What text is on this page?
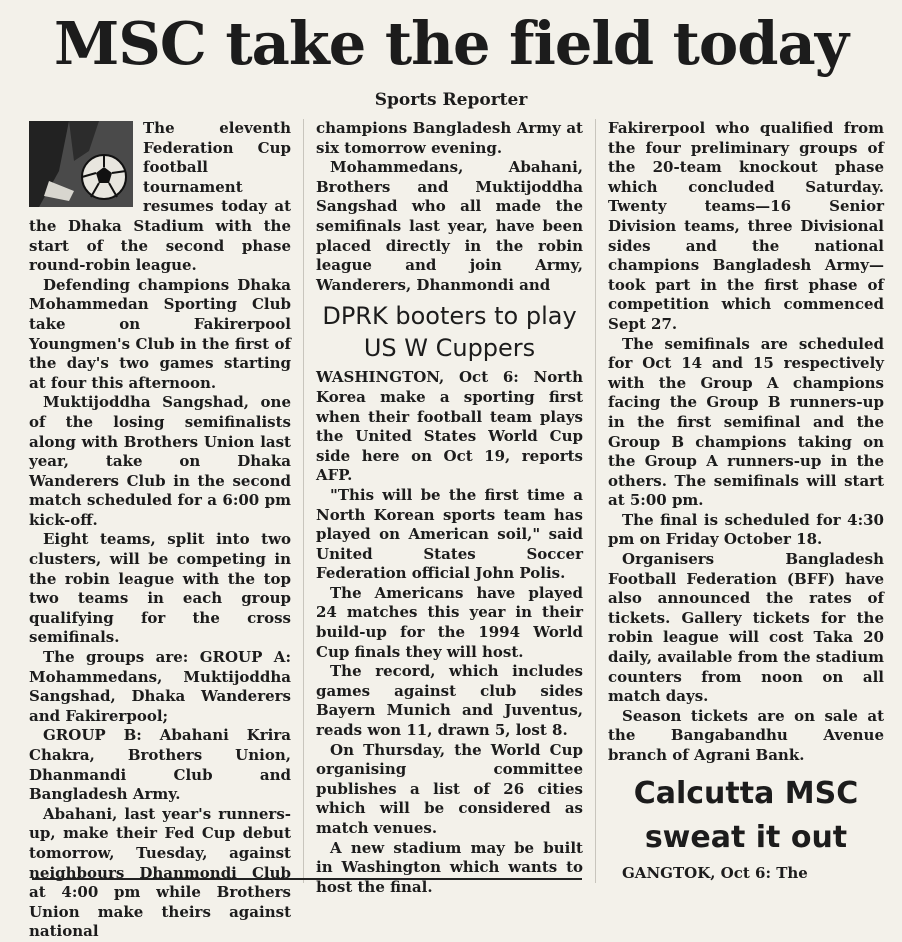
MSC take the field today
Sports Reporter

The eleventh Federation Cup football tournament resumes today at the Dhaka Stadium with the start of the second phase round-robin league.

Defending champions Dhaka Mohammedan Sporting Club take on Fakirerpool Youngmen's Club in the first of the day's two games starting at four this afternoon.

Muktijoddha Sangshad, one of the losing semifinalists along with Brothers Union last year, take on Dhaka Wanderers Club in the second match scheduled for a 6:00 pm kick-off.

Eight teams, split into two clusters, will be competing in the robin league with the top two teams in each group qualifying for the cross semifinals.

The groups are: GROUP A: Mohammedans, Muktijoddha Sangshad, Dhaka Wanderers and Fakirerpool;

GROUP B: Abahani Krira Chakra, Brothers Union, Dhanmandi Club and Bangladesh Army.

Abahani, last year's runners-up, make their Fed Cup debut tomorrow, Tuesday, against neighbours Dhanmondi Club at 4:00 pm while Brothers Union make theirs against national

champions Bangladesh Army at six tomorrow evening.

Mohammedans, Abahani, Brothers and Muktijoddha Sangshad who all made the semifinals last year, have been placed directly in the robin league and join Army, Wanderers, Dhanmondi and

DPRK booters to play US W Cuppers

WASHINGTON, Oct 6: North Korea make a sporting first when their football team plays the United States World Cup side here on Oct 19, reports AFP.

"This will be the first time a North Korean sports team has played on American soil," said United States Soccer Federation official John Polis.

The Americans have played 24 matches this year in their build-up for the 1994 World Cup finals they will host.

The record, which includes games against club sides Bayern Munich and Juventus, reads won 11, drawn 5, lost 8.

On Thursday, the World Cup organising committee publishes a list of 26 cities which will be considered as match venues.

A new stadium may be built in Washington which wants to host the final.

Fakirerpool who qualified from the four preliminary groups of the 20-team knockout phase which concluded Saturday. Twenty teams—16 Senior Division teams, three Divisional sides and the national champions Bangladesh Army— took part in the first phase of competition which commenced Sept 27.

The semifinals are scheduled for Oct 14 and 15 respectively with the Group A champions facing the Group B runners-up in the first semifinal and the Group B champions taking on the Group A runners-up in the others. The semifinals will start at 5:00 pm.

The final is scheduled for 4:30 pm on Friday October 18.

Organisers Bangladesh Football Federation (BFF) have also announced the rates of tickets. Gallery tickets for the robin league will cost Taka 20 daily, available from the stadium counters from noon on all match days.

Season tickets are on sale at the Bangabandhu Avenue branch of Agrani Bank.

Calcutta MSC sweat it out

GANGTOK, Oct 6: The
